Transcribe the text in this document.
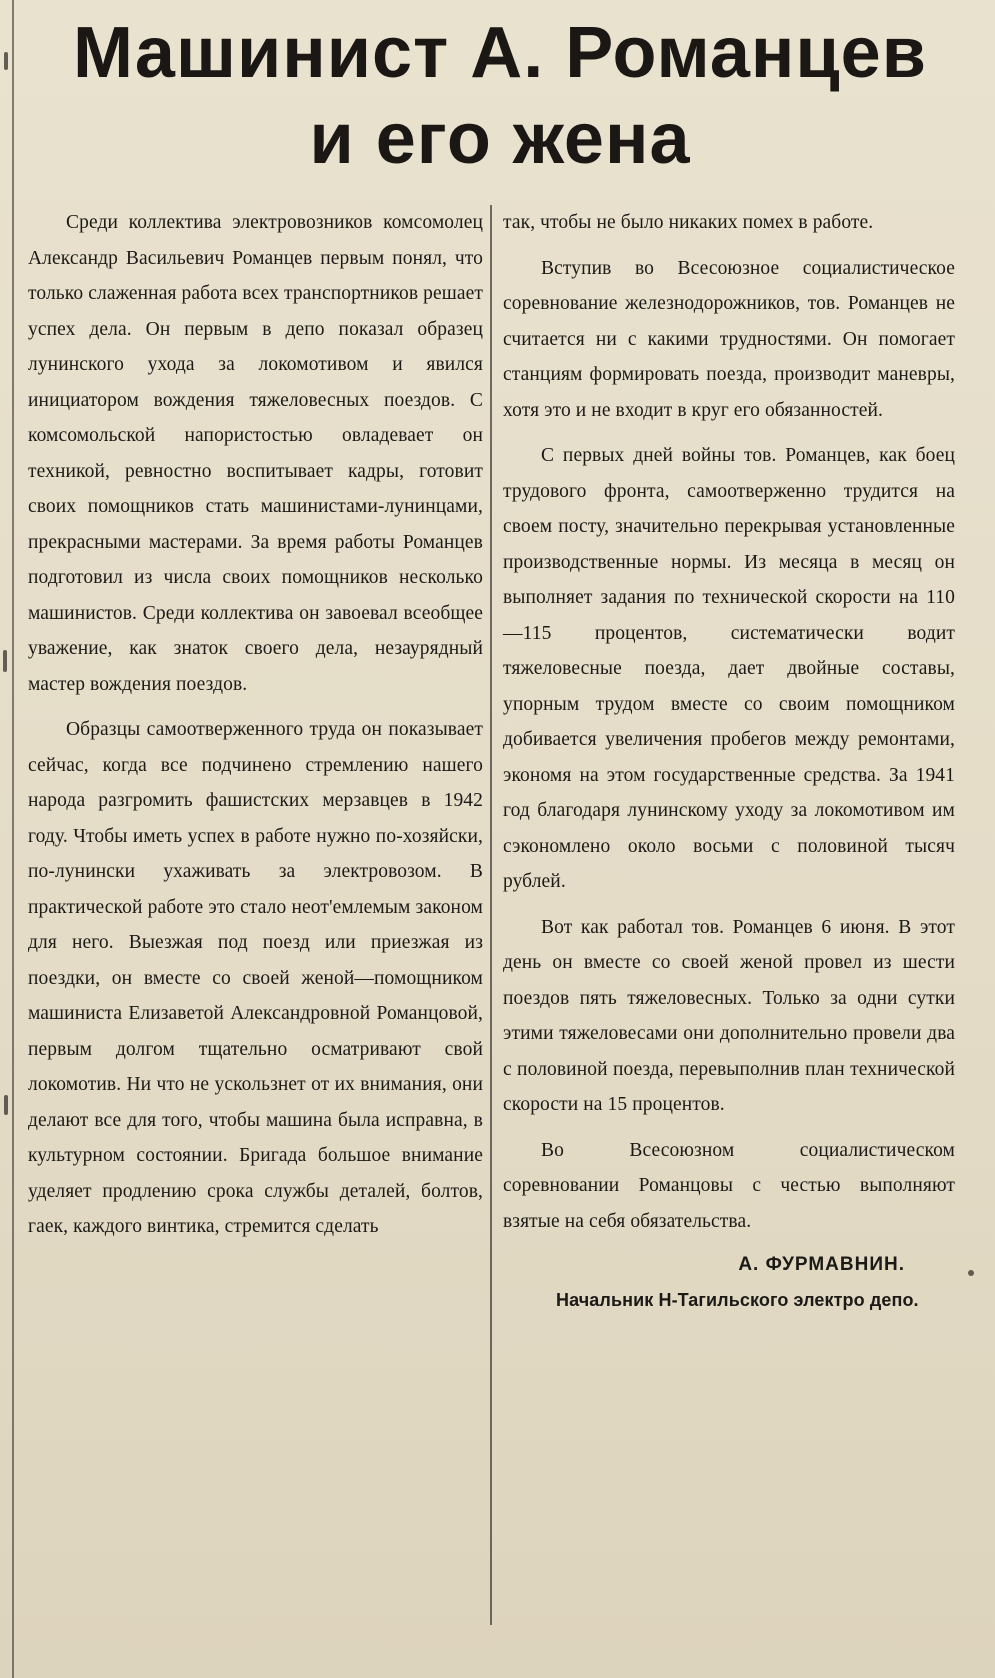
Машинист А. Романцев
и его жена

Среди коллектива электровозников комсомолец Александр Васильевич Романцев первым понял, что только слаженная работа всех транспортников решает успех дела. Он первым в депо показал образец лунинского ухода за локомотивом и явился инициатором вождения тяжеловесных поездов. С комсомольской напористостью овладевает он техникой, ревностно воспитывает кадры, готовит своих помощников стать машинистами-лунинцами, прекрасными мастерами. За время работы Романцев подготовил из числа своих помощников несколько машинистов. Среди коллектива он завоевал всеобщее уважение, как знаток своего дела, незаурядный мастер вождения поездов.

Образцы самоотверженного труда он показывает сейчас, когда все подчинено стремлению нашего народа разгромить фашистских мерзавцев в 1942 году. Чтобы иметь успех в работе нужно по-хозяйски, по-лунински ухаживать за электровозом. В практической работе это стало неот'емлемым законом для него. Выезжая под поезд или приезжая из поездки, он вместе со своей женой—помощником машиниста Елизаветой Александровной Романцовой, первым долгом тщательно осматривают свой локомотив. Ни что не ускользнет от их внимания, они делают все для того, чтобы машина была исправна, в культурном состоянии. Бригада большое внимание уделяет продлению срока службы деталей, болтов, гаек, каждого винтика, стремится сделать

так, чтобы не было никаких помех в работе.

Вступив во Всесоюзное социалистическое соревнование железнодорожников, тов. Романцев не считается ни с какими трудностями. Он помогает станциям формировать поезда, производит маневры, хотя это и не входит в круг его обязанностей.

С первых дней войны тов. Романцев, как боец трудового фронта, самоотверженно трудится на своем посту, значительно перекрывая установленные производственные нормы. Из месяца в месяц он выполняет задания по технической скорости на 110—115 процентов, систематически водит тяжеловесные поезда, дает двойные составы, упорным трудом вместе со своим помощником добивается увеличения пробегов между ремонтами, экономя на этом государственные средства. За 1941 год благодаря лунинскому уходу за локомотивом им сэкономлено около восьми с половиной тысяч рублей.

Вот как работал тов. Романцев 6 июня. В этот день он вместе со своей женой провел из шести поездов пять тяжеловесных. Только за одни сутки этими тяжеловесами они дополнительно провели два с половиной поезда, перевыполнив план технической скорости на 15 процентов.

Во Всесоюзном социалистическом соревновании Романцовы с честью выполняют взятые на себя обязательства.

А. ФУРМАВНИН.
Начальник Н-Тагильского электро депо.
